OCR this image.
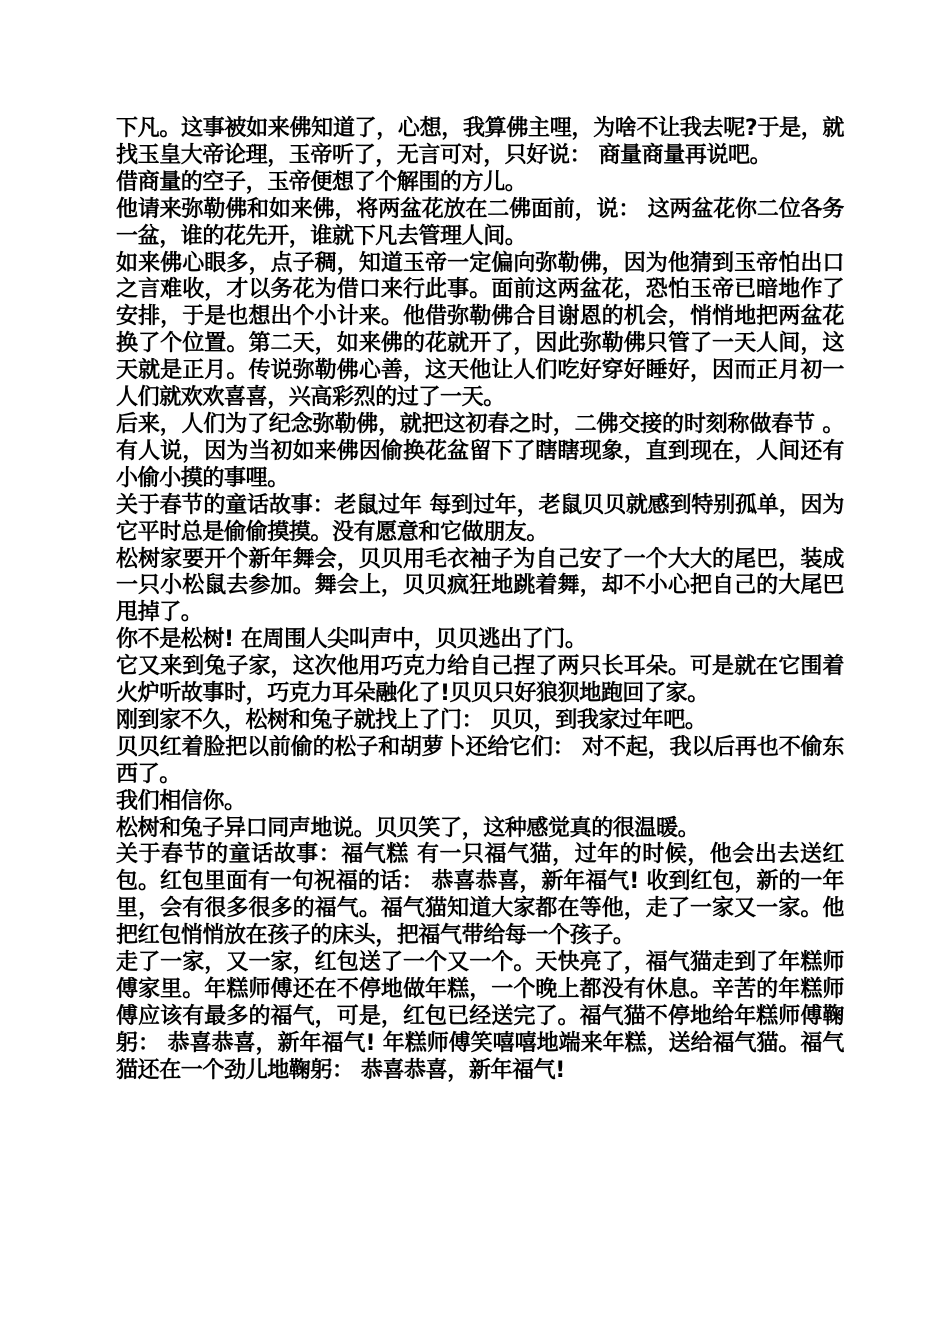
下凡。这事被如来佛知道了，心想，我算佛主哩，为啥不让我去呢?于是，就找玉皇大帝论理，玉帝听了，无言可对，只好说： 商量商量再说吧。

借商量的空子，玉帝便想了个解围的方儿。

他请来弥勒佛和如来佛，将两盆花放在二佛面前，说： 这两盆花你二位各务一盆，谁的花先开，谁就下凡去管理人间。

如来佛心眼多，点子稠，知道玉帝一定偏向弥勒佛，因为他猜到玉帝怕出口之言难收，才以务花为借口来行此事。面前这两盆花，恐怕玉帝已暗地作了安排，于是也想出个小计来。他借弥勒佛合目谢恩的机会，悄悄地把两盆花换了个位置。第二天，如来佛的花就开了，因此弥勒佛只管了一天人间，这天就是正月。传说弥勒佛心善，这天他让人们吃好穿好睡好，因而正月初一人们就欢欢喜喜，兴高彩烈的过了一天。

后来，人们为了纪念弥勒佛，就把这初春之时，二佛交接的时刻称做春节 。有人说，因为当初如来佛因偷换花盆留下了瞎瞎现象，直到现在，人间还有小偷小摸的事哩。

关于春节的童话故事：老鼠过年 每到过年，老鼠贝贝就感到特别孤单，因为它平时总是偷偷摸摸。没有愿意和它做朋友。

松树家要开个新年舞会，贝贝用毛衣袖子为自己安了一个大大的尾巴，装成一只小松鼠去参加。舞会上，贝贝疯狂地跳着舞，却不小心把自己的大尾巴甩掉了。

你不是松树! 在周围人尖叫声中，贝贝逃出了门。

它又来到兔子家，这次他用巧克力给自己捏了两只长耳朵。可是就在它围着火炉听故事时，巧克力耳朵融化了!贝贝只好狼狈地跑回了家。

刚到家不久，松树和兔子就找上了门： 贝贝，到我家过年吧。

贝贝红着脸把以前偷的松子和胡萝卜还给它们： 对不起，我以后再也不偷东西了。

我们相信你。

松树和兔子异口同声地说。贝贝笑了，这种感觉真的很温暖。

关于春节的童话故事：福气糕 有一只福气猫，过年的时候，他会出去送红包。红包里面有一句祝福的话： 恭喜恭喜，新年福气! 收到红包，新的一年里，会有很多很多的福气。福气猫知道大家都在等他，走了一家又一家。他把红包悄悄放在孩子的床头，把福气带给每一个孩子。

走了一家，又一家，红包送了一个又一个。天快亮了，福气猫走到了年糕师傅家里。年糕师傅还在不停地做年糕，一个晚上都没有休息。辛苦的年糕师傅应该有最多的福气，可是，红包已经送完了。福气猫不停地给年糕师傅鞠躬： 恭喜恭喜，新年福气! 年糕师傅笑嘻嘻地端来年糕，送给福气猫。福气猫还在一个劲儿地鞠躬： 恭喜恭喜，新年福气!
